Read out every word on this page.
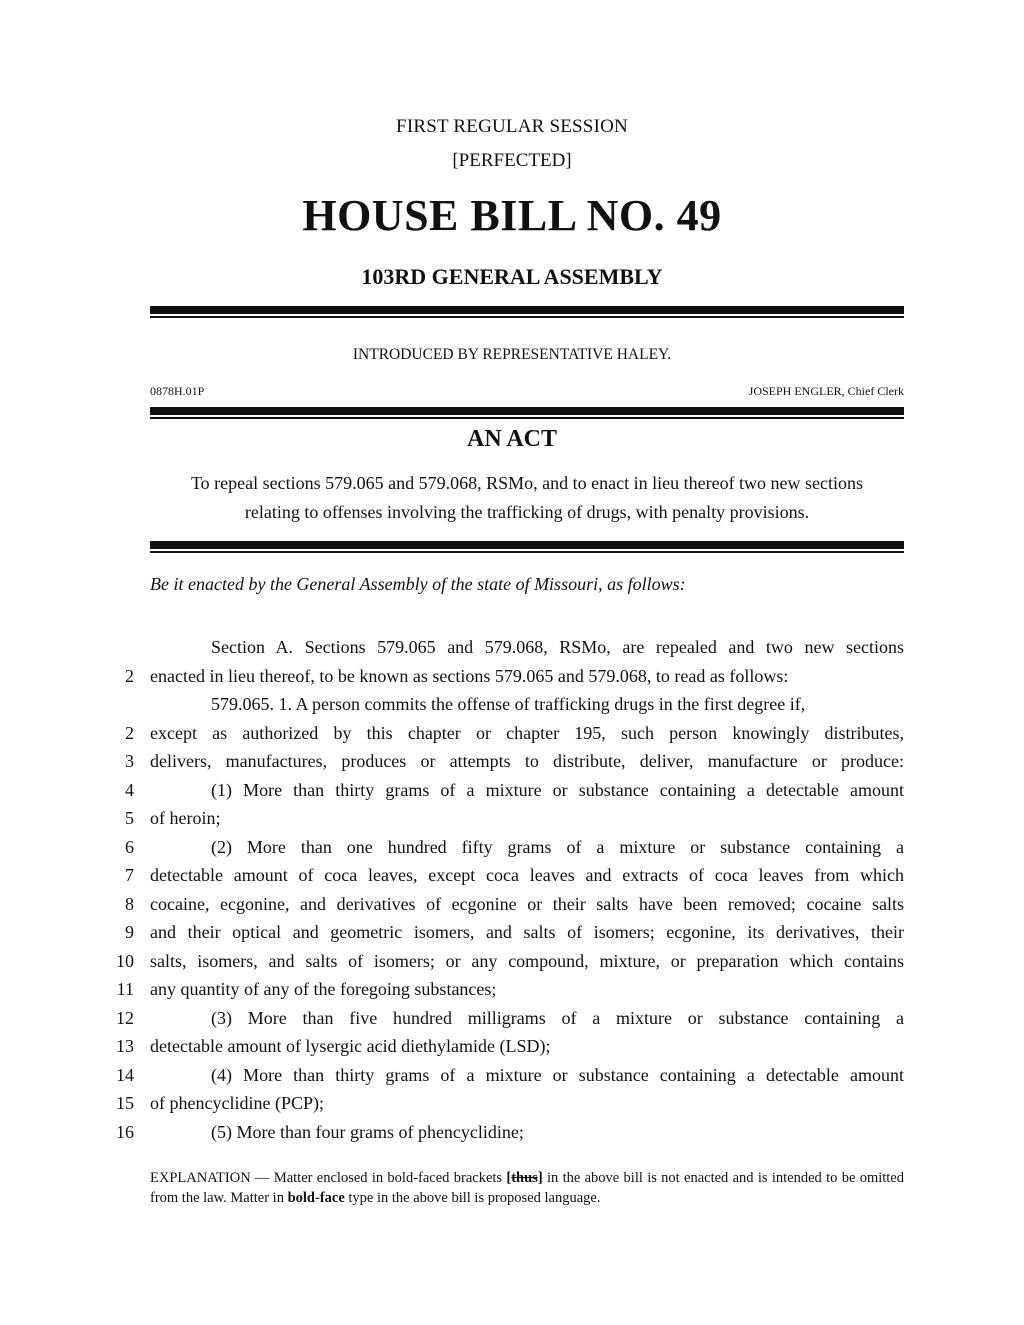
FIRST REGULAR SESSION
[PERFECTED]
HOUSE BILL NO. 49
103RD GENERAL ASSEMBLY
INTRODUCED BY REPRESENTATIVE HALEY.
0878H.01P	JOSEPH ENGLER, Chief Clerk
AN ACT
To repeal sections 579.065 and 579.068, RSMo, and to enact in lieu thereof two new sections
relating to offenses involving the trafficking of drugs, with penalty provisions.
Be it enacted by the General Assembly of the state of Missouri, as follows:
Section A. Sections 579.065 and 579.068, RSMo, are repealed and two new sections
2 enacted in lieu thereof, to be known as sections 579.065 and 579.068, to read as follows:
579.065. 1. A person commits the offense of trafficking drugs in the first degree if,
2 except as authorized by this chapter or chapter 195, such person knowingly distributes,
3 delivers, manufactures, produces or attempts to distribute, deliver, manufacture or produce:
4	(1) More than thirty grams of a mixture or substance containing a detectable amount
5 of heroin;
6	(2) More than one hundred fifty grams of a mixture or substance containing a
7 detectable amount of coca leaves, except coca leaves and extracts of coca leaves from which
8 cocaine, ecgonine, and derivatives of ecgonine or their salts have been removed; cocaine salts
9 and their optical and geometric isomers, and salts of isomers; ecgonine, its derivatives, their
10 salts, isomers, and salts of isomers; or any compound, mixture, or preparation which contains
11 any quantity of any of the foregoing substances;
12	(3) More than five hundred milligrams of a mixture or substance containing a
13 detectable amount of lysergic acid diethylamide (LSD);
14	(4) More than thirty grams of a mixture or substance containing a detectable amount
15 of phencyclidine (PCP);
16	(5) More than four grams of phencyclidine;
EXPLANATION — Matter enclosed in bold-faced brackets [thus] in the above bill is not enacted and is intended to be omitted from the law. Matter in bold-face type in the above bill is proposed language.
